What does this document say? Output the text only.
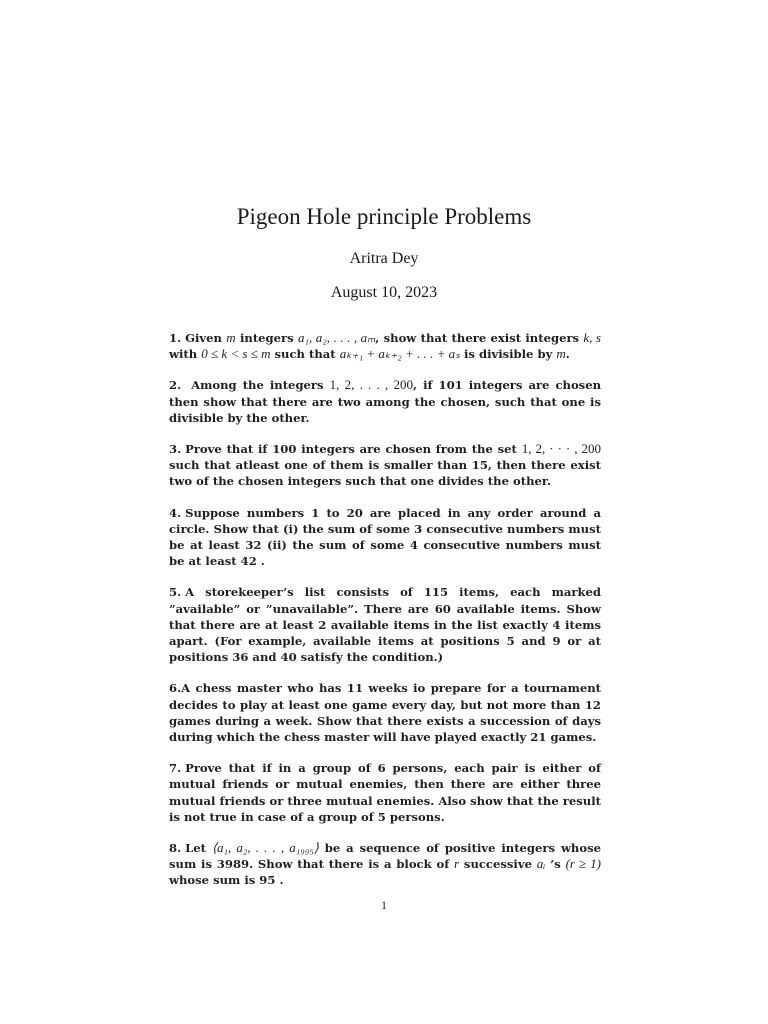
Pigeon Hole principle Problems
Aritra Dey
August 10, 2023

1. Given m integers a₁, a₂, . . . , aₘ, show that there exist integers k, s with 0 ≤ k < s ≤ m such that aₖ₊₁ + aₖ₊₂ + . . . + aₛ is divisible by m.

2. Among the integers 1, 2, . . . , 200, if 101 integers are chosen then show that there are two among the chosen, such that one is divisible by the other.

3. Prove that if 100 integers are chosen from the set 1, 2, · · · , 200 such that atleast one of them is smaller than 15, then there exist two of the chosen integers such that one divides the other.

4. Suppose numbers 1 to 20 are placed in any order around a circle. Show that (i) the sum of some 3 consecutive numbers must be at least 32 (ii) the sum of some 4 consecutive numbers must be at least 42 .

5. A storekeeper’s list consists of 115 items, each marked ”available” or ”unavailable”. There are 60 available items. Show that there are at least 2 available items in the list exactly 4 items apart. (For example, available items at positions 5 and 9 or at positions 36 and 40 satisfy the condition.)

6.A chess master who has 11 weeks io prepare for a tournament decides to play at least one game every day, but not more than 12 games during a week. Show that there exists a succession of days during which the chess master will have played exactly 21 games.

7. Prove that if in a group of 6 persons, each pair is either of mutual friends or mutual enemies, then there are either three mutual friends or three mutual enemies. Also show that the result is not true in case of a group of 5 persons.

8. Let ⟨a₁, a₂, . . . , a₁₉₉₅⟩ be a sequence of positive integers whose sum is 3989. Show that there is a block of r successive aᵢ ’s (r ≥ 1) whose sum is 95 .

1
